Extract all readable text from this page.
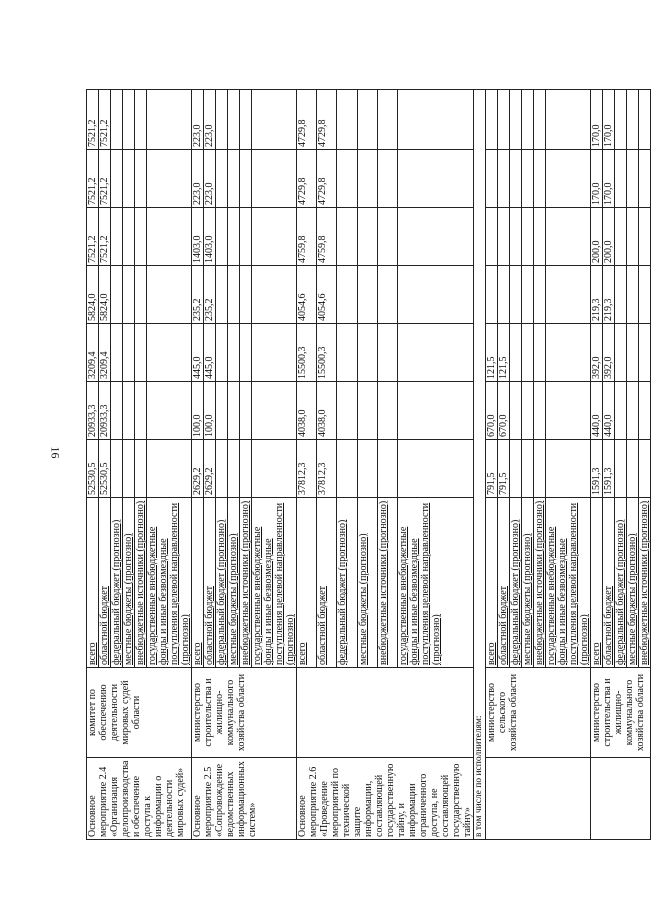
16
Основное мероприятие 2.4 «Организация делопроизводства и обеспечение доступа к информации о деятельности мировых судей»	комитет по обеспечению деятельности мировых судей области	всего	52530,5	20933,3	3209,4	5824,0	7521,2	7521,2	7521,2
		областной бюджет	52530,5	20933,3	3209,4	5824,0	7521,2	7521,2	7521,2
		федеральный бюджет (прогнозно)							
		местные бюджеты (прогнозно)							
		внебюджетные источники (прогнозно)							
		государственные внебюджетные фонды и иные безвозмездные поступления целевой направленности (прогнозно)							
Основное мероприятие 2.5 «Сопровождение ведомственных информационных систем»	министерство строительства и жилищно-коммунального хозяйства области	всего	2629,2	100,0	445,0	235,2	1403,0	223,0	223,0
		областной бюджет	2629,2	100,0	445,0	235,2	1403,0	223,0	223,0
		федеральный бюджет (прогнозно)							
		местные бюджеты (прогнозно)							
		внебюджетные источники (прогнозно)							
		государственные внебюджетные фонды и иные безвозмездные поступления целевой направленности (прогнозно)							
Основное мероприятие 2.6 «Проведение мероприятий по технической защите информации, составляющей государственную тайну, и информации ограниченного доступа, не составляющей государственную тайну»		всего	37812,3	4038,0	15500,3	4054,6	4759,8	4729,8	4729,8
		областной бюджет	37812,3	4038,0	15500,3	4054,6	4759,8	4729,8	4729,8
		федеральный бюджет (прогнозно)							
		местные бюджеты (прогнозно)							
		внебюджетные источники (прогнозно)							
		государственные внебюджетные фонды и иные безвозмездные поступления целевой направленности (прогнозно)							
в том числе по исполнителям:									
	министерство сельского хозяйства области	всего	791,5	670,0	121,5				
		областной бюджет	791,5	670,0	121,5				
		федеральный бюджет (прогнозно)							
		местные бюджеты (прогнозно)							
		внебюджетные источники (прогнозно)							
		государственные внебюджетные фонды и иные безвозмездные поступления целевой направленности (прогнозно)							
	министерство строительства и жилищно-коммунального хозяйства области	всего	1591,3	440,0	392,0	219,3	200,0	170,0	170,0
		областной бюджет	1591,3	440,0	392,0	219,3	200,0	170,0	170,0
		федеральный бюджет (прогнозно)							
		местные бюджеты (прогнозно)							
		внебюджетные источники (прогнозно)							
